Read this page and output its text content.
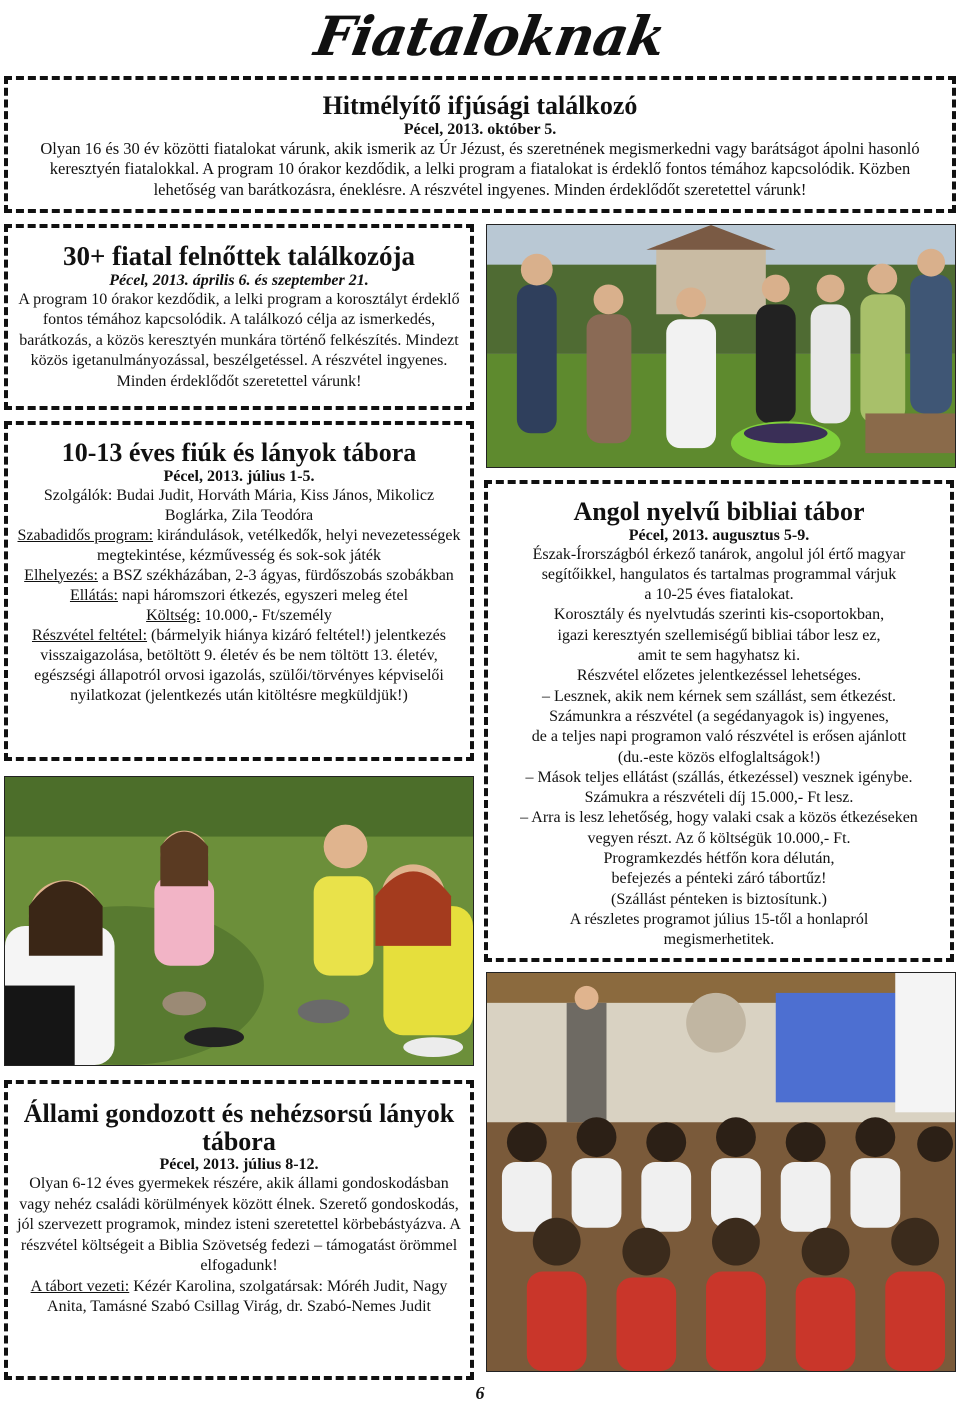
Fiataloknak
Hitmélyítő ifjúsági találkozó
Pécel, 2013. október 5.

Olyan 16 és 30 év közötti fiatalokat várunk, akik ismerik az Úr Jézust, és szeretnének megismerkedni vagy barátságot ápolni hasonló keresztyén fiatalokkal. A program 10 órakor kezdődik, a lelki program a fiatalokat is érdeklő fontos témához kapcsolódik. Közben lehetőség van barátkozásra, éneklésre. A részvétel ingyenes. Minden érdeklődőt szeretettel várunk!

30+ fiatal felnőttek találkozója
Pécel, 2013. április 6. és szeptember 21.

A program 10 órakor kezdődik, a lelki program a korosztályt érdeklő fontos témához kapcsolódik. A találkozó célja az ismerkedés, barátkozás, a közös keresztyén munkára történő felkészítés. Mindezt közös igetanulmányozással, beszélgetéssel. A részvétel ingyenes. Minden érdeklődőt szeretettel várunk!

10-13 éves fiúk és lányok tábora
Pécel, 2013. július 1-5.

Szolgálók: Budai Judit, Horváth Mária, Kiss János, Mikolicz Boglárka, Zila Teodóra

Szabadidős program: kirándulások, vetélkedők, helyi nevezetességek megtekintése, kézművesség és sok-sok játék

Elhelyezés: a BSZ székházában, 2-3 ágyas, fürdőszobás szobákban

Ellátás: napi háromszori étkezés, egyszeri meleg étel

Költség: 10.000,- Ft/személy

Részvétel feltétel: (bármelyik hiánya kizáró feltétel!) jelentkezés visszaigazolása, betöltött 9. életév és be nem töltött 13. életév, egészségi állapotról orvosi igazolás, szülői/törvényes képviselői nyilatkozat (jelentkezés után kitöltésre megküldjük!)

Angol nyelvű bibliai tábor
Pécel, 2013. augusztus 5-9.

Észak-Írországból érkező tanárok, angolul jól értő magyar

segítőikkel, hangulatos és tartalmas programmal várjuk

a 10-25 éves fiatalokat.

Korosztály és nyelvtudás szerinti kis-csoportokban,

igazi keresztyén szellemiségű bibliai tábor lesz ez,

amit te sem hagyhatsz ki.

Részvétel előzetes jelentkezéssel lehetséges.

– Lesznek, akik nem kérnek sem szállást, sem étkezést.

Számunkra a részvétel (a segédanyagok is) ingyenes,

de a teljes napi programon való részvétel is erősen ajánlott

(du.-este közös elfoglaltságok!)

– Mások teljes ellátást (szállás, étkezéssel) vesznek igénybe.

Számukra a részvételi díj 15.000,- Ft lesz.

– Arra is lesz lehetőség, hogy valaki csak a közös étkezéseken

vegyen részt. Az ő költségük 10.000,- Ft.

Programkezdés hétfőn kora délután,

befejezés a pénteki záró tábortűz!

(Szállást pénteken is biztosítunk.)

A részletes programot július 15-től a honlapról

megismerhetitek.

Állami gondozott és nehézsorsú lányok tábora
Pécel, 2013. július 8-12.

Olyan 6-12 éves gyermekek részére, akik állami gondoskodásban vagy nehéz családi körülmények között élnek. Szerető gondoskodás, jól szervezett programok, mindez isteni szeretettel körbebástyázva. A részvétel költségeit a Biblia Szövetség fedezi – támogatást örömmel elfogadunk!

A tábort vezeti: Kézér Karolina, szolgatársak: Móréh Judit, Nagy Anita, Tamásné Szabó Csillag Virág, dr. Szabó-Nemes Judit

6
